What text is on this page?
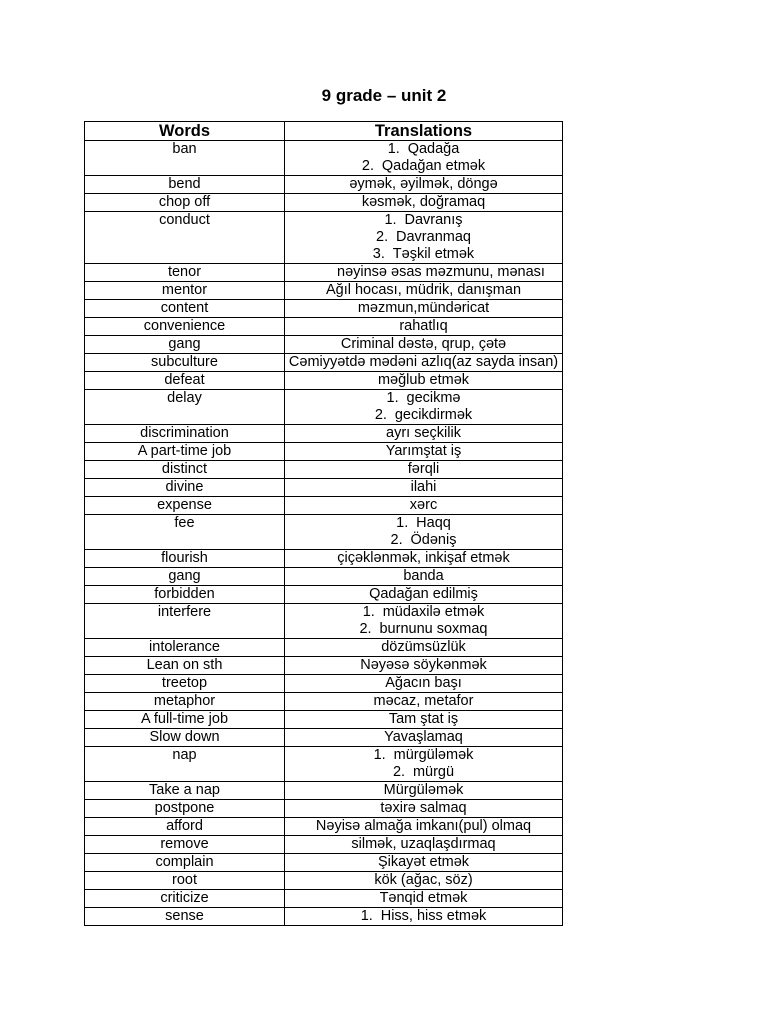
9 grade – unit 2
Words	Translations
ban	1. Qadağa
2. Qadağan etmək

bend	əymək, əyilmək, döngə
chop off	kəsmək, doğramaq
conduct	1. Davranış
2. Davranmaq
3. Təşkil etmək

tenor	nəyinsə əsas məzmunu, mənası
mentor	Ağıl hocası, müdrik, danışman
content	məzmun,mündəricat
convenience	rahatlıq
gang	Criminal dəstə, qrup, çətə
subculture	Cəmiyyətdə mədəni azlıq(az sayda insan)
defeat	məğlub etmək
delay	1. gecikmə
2. gecikdirmək

discrimination	ayrı seçkilik
A part-time job	Yarımştat iş
distinct	fərqli
divine	ilahi
expense	xərc
fee	1. Haqq
2. Ödəniş

flourish	çiçəklənmək, inkişaf etmək
gang	banda
forbidden	Qadağan edilmiş
interfere	1. müdaxilə etmək
2. burnunu soxmaq

intolerance	dözümsüzlük
Lean on sth	Nəyəsə söykənmək
treetop	Ağacın başı
metaphor	məcaz, metafor
A full-time job	Tam ştat iş
Slow down	Yavaşlamaq
nap	1. mürgüləmək
2. mürgü

Take a nap	Mürgüləmək
postpone	təxirə salmaq
afford	Nəyisə almağa imkanı(pul) olmaq
remove	silmək, uzaqlaşdırmaq
complain	Şikayət etmək
root	kök (ağac, söz)
criticize	Tənqid etmək
sense	1. Hiss, hiss etmək
